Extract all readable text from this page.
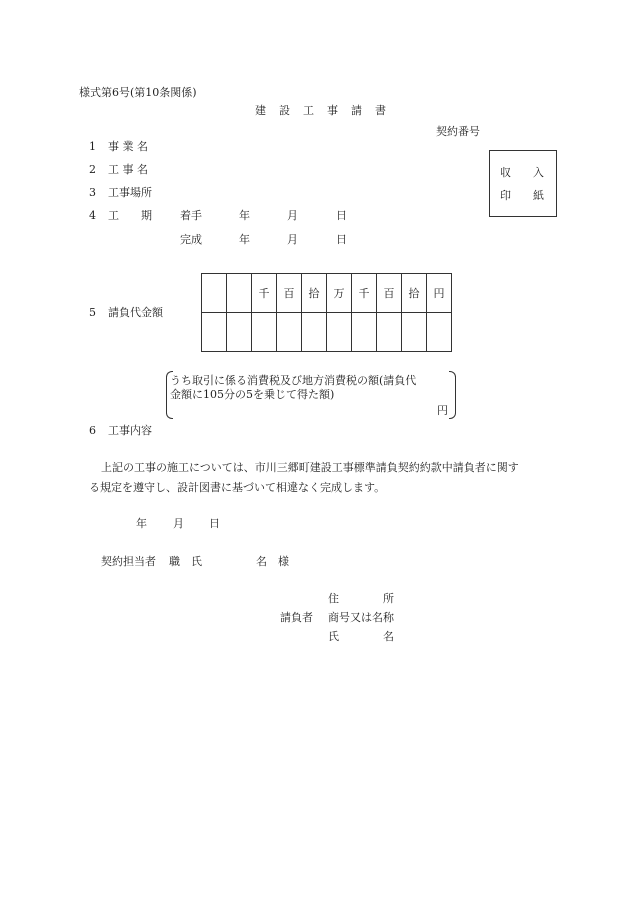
様式第6号(第10条関係)
建　設　工　事　請　書
契約番号
収　　入
印　　紙
1 事 業 名
2 工 事 名
3 工事場所
4 工　　期	着手	年	月	日
完成	年	月	日
5 請負代金額
		千	百	拾	万	千	百	拾	円

うち取引に係る消費税及び地方消費税の額(請負代
金額に105分の5を乗じて得た額)
円
6 工事内容
上記の工事の施工については、市川三郷町建設工事標準請負契約約款中請負者に関す
る規定を遵守し、設計図書に基づいて相違なく完成します。
年 月 日
契約担当者 職　氏	名　様
住　　　　所
請負者 商号又は名称
氏　　　　名
